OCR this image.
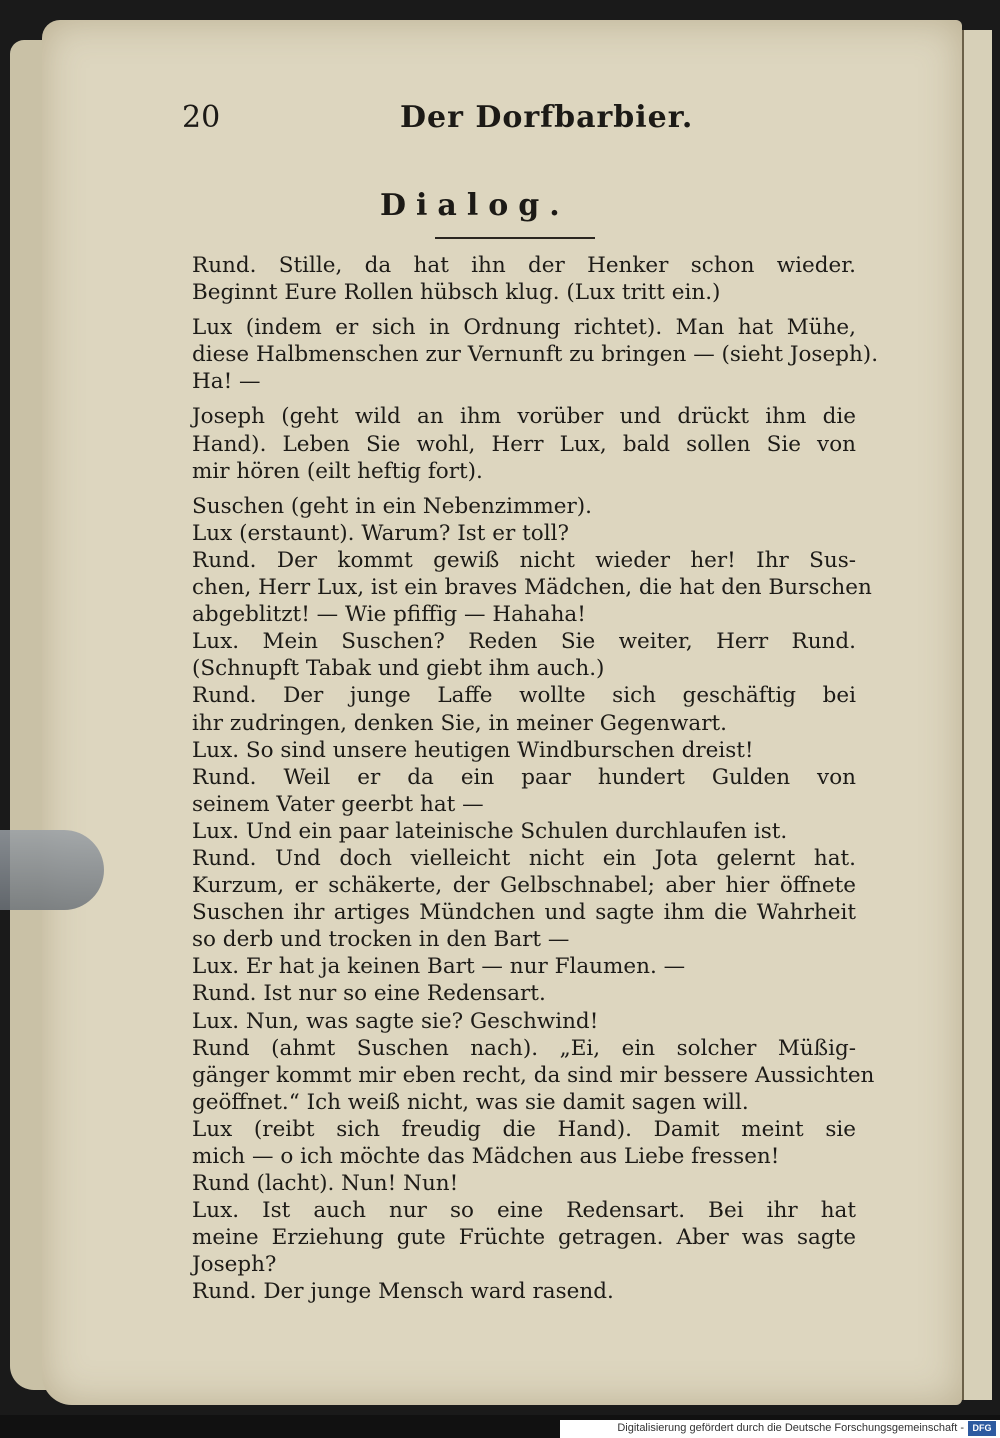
20	Der Dorfbarbier.
Dialog.
Rund. Stille, da hat ihn der Henker schon wieder.
Beginnt Eure Rollen hübsch klug. (Lux tritt ein.)
Lux (indem er sich in Ordnung richtet). Man hat Mühe,
diese Halbmenschen zur Vernunft zu bringen — (sieht Joseph).
Ha! —
Joseph (geht wild an ihm vorüber und drückt ihm die
Hand). Leben Sie wohl, Herr Lux, bald sollen Sie von
mir hören (eilt heftig fort).
Suschen (geht in ein Nebenzimmer).
Lux (erstaunt). Warum? Ist er toll?
Rund. Der kommt gewiß nicht wieder her! Ihr Sus-
chen, Herr Lux, ist ein braves Mädchen, die hat den Burschen
abgeblitzt! — Wie pfiffig — Hahaha!
Lux. Mein Suschen? Reden Sie weiter, Herr Rund.
(Schnupft Tabak und giebt ihm auch.)
Rund. Der junge Laffe wollte sich geschäftig bei
ihr zudringen, denken Sie, in meiner Gegenwart.
Lux. So sind unsere heutigen Windburschen dreist!
Rund. Weil er da ein paar hundert Gulden von
seinem Vater geerbt hat —
Lux. Und ein paar lateinische Schulen durchlaufen ist.
Rund. Und doch vielleicht nicht ein Jota gelernt hat.
Kurzum, er schäkerte, der Gelbschnabel; aber hier öffnete
Suschen ihr artiges Mündchen und sagte ihm die Wahrheit
so derb und trocken in den Bart —
Lux. Er hat ja keinen Bart — nur Flaumen. —
Rund. Ist nur so eine Redensart.
Lux. Nun, was sagte sie? Geschwind!
Rund (ahmt Suschen nach). „Ei, ein solcher Müßig-
gänger kommt mir eben recht, da sind mir bessere Aussichten
geöffnet.“ Ich weiß nicht, was sie damit sagen will.
Lux (reibt sich freudig die Hand). Damit meint sie
mich — o ich möchte das Mädchen aus Liebe fressen!
Rund (lacht). Nun! Nun!
Lux. Ist auch nur so eine Redensart. Bei ihr hat
meine Erziehung gute Früchte getragen. Aber was sagte
Joseph?
Rund. Der junge Mensch ward rasend.
Digitalisierung gefördert durch die Deutsche Forschungsgemeinschaft - DFG
